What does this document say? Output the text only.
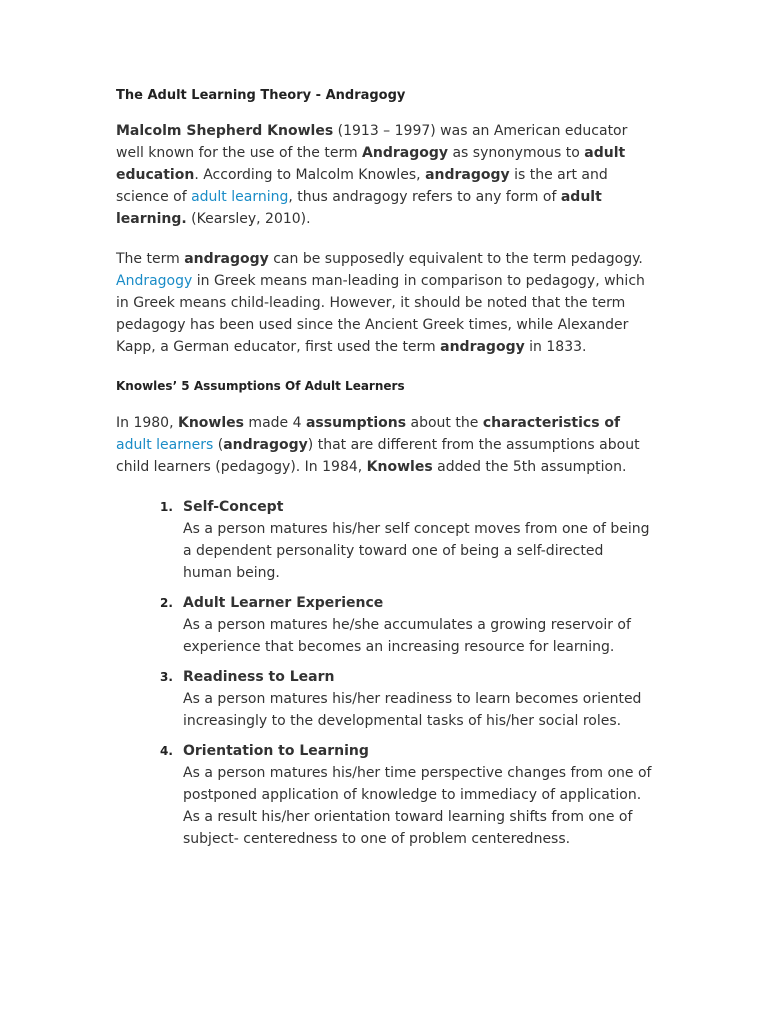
The Adult Learning Theory - Andragogy

Malcolm Shepherd Knowles (1913 – 1997) was an American educator well known for the use of the term Andragogy as synonymous to adult education. According to Malcolm Knowles, andragogy is the art and science of adult learning, thus andragogy refers to any form of adult learning. (Kearsley, 2010).

The term andragogy can be supposedly equivalent to the term pedagogy. Andragogy in Greek means man-leading in comparison to pedagogy, which in Greek means child-leading. However, it should be noted that the term pedagogy has been used since the Ancient Greek times, while Alexander Kapp, a German educator, first used the term andragogy in 1833.

Knowles’ 5 Assumptions Of Adult Learners

In 1980, Knowles made 4 assumptions about the characteristics of adult learners (andragogy) that are different from the assumptions about child learners (pedagogy). In 1984, Knowles added the 5th assumption.

1. Self-Concept
As a person matures his/her self concept moves from one of being a dependent personality toward one of being a self-directed human being.
2. Adult Learner Experience
As a person matures he/she accumulates a growing reservoir of experience that becomes an increasing resource for learning.
3. Readiness to Learn
As a person matures his/her readiness to learn becomes oriented increasingly to the developmental tasks of his/her social roles.
4. Orientation to Learning
As a person matures his/her time perspective changes from one of postponed application of knowledge to immediacy of application. As a result his/her orientation toward learning shifts from one of subject- centeredness to one of problem centeredness.
